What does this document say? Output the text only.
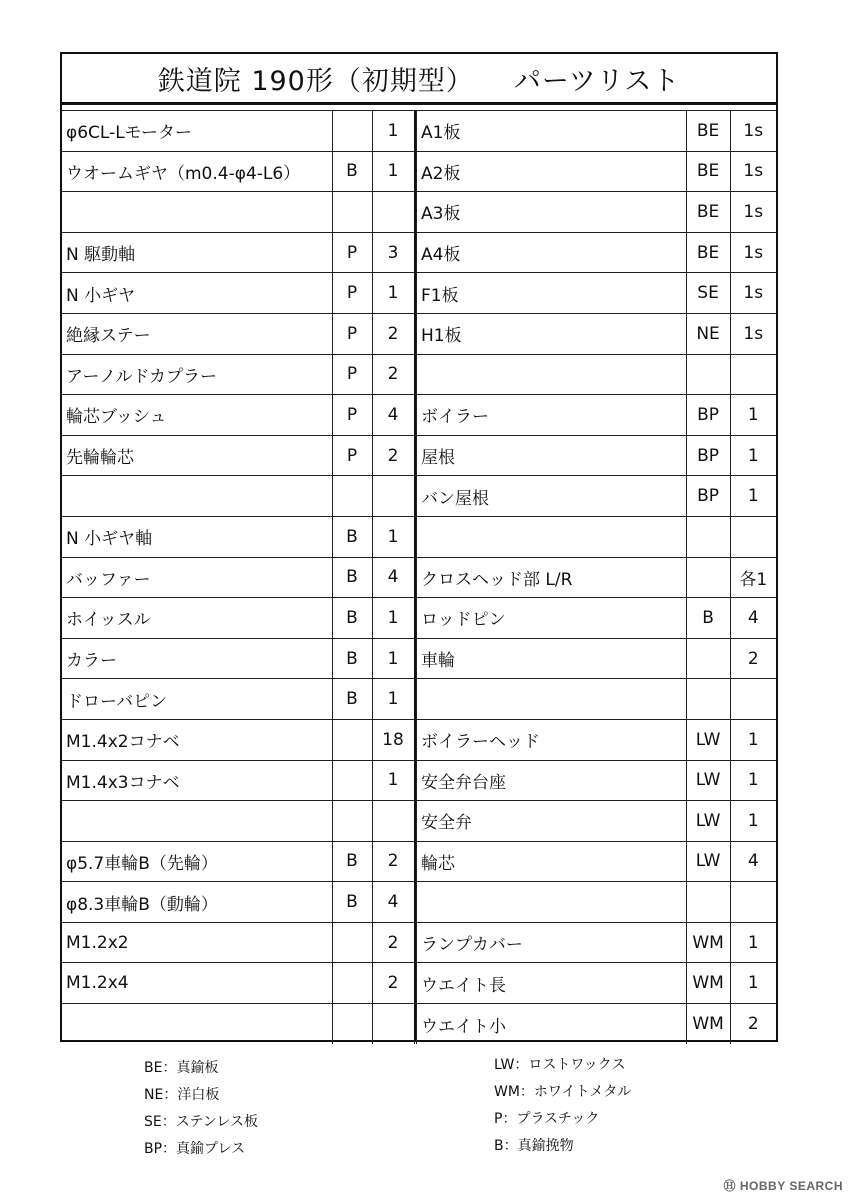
鉄道院 190形（初期型） パーツリスト
φ6CL-Lモーター		1
ウオームギヤ（m0.4-φ4-L6）	B	1

N 駆動軸	P	3
N 小ギヤ	P	1
絶縁ステー	P	2
アーノルドカプラー	P	2
輪芯ブッシュ	P	4
先輪輪芯	P	2

N 小ギヤ軸	B	1
バッファー	B	4
ホイッスル	B	1
カラー	B	1
ドローバピン	B	1
M1.4x2コナベ		18
M1.4x3コナベ		1

φ5.7車輪B（先輪）	B	2
φ8.3車輪B（動輪）	B	4
M1.2x2		2
M1.2x4		2

A1板	BE	1s
A2板	BE	1s
A3板	BE	1s
A4板	BE	1s
F1板	SE	1s
H1板	NE	1s

ボイラー	BP	1
屋根	BP	1
バン屋根	BP	1

クロスヘッド部 L/R		各1
ロッドピン	B	4
車輪		2

ボイラーヘッド	LW	1
安全弁台座	LW	1
安全弁	LW	1
輪芯	LW	4

ランプカバー	WM	1
ウエイト長	WM	1
ウエイト小	WM	2
BE：真鍮板
NE：洋白板
SE：ステンレス板
BP：真鍮プレス
LW：ロストワックス
WM：ホワイトメタル
P：プラスチック
B：真鍮挽物
Ⓗ HOBBY SEARCH
